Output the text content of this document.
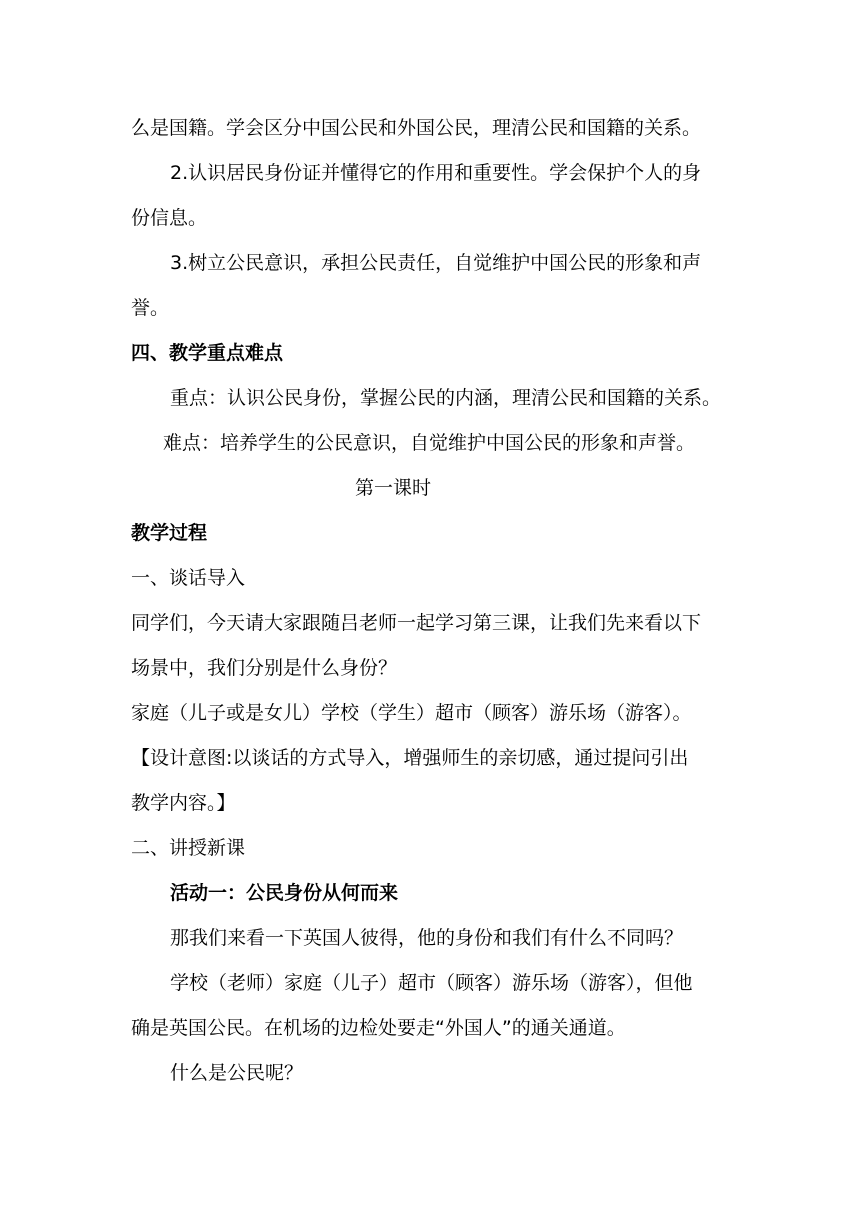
么是国籍。学会区分中国公民和外国公民，理清公民和国籍的关系。
2.认识居民身份证并懂得它的作用和重要性。学会保护个人的身
份信息。
3.树立公民意识，承担公民责任，自觉维护中国公民的形象和声
誉。
四、教学重点难点
重点：认识公民身份，掌握公民的内涵，理清公民和国籍的关系。
难点：培养学生的公民意识，自觉维护中国公民的形象和声誉。
第一课时
教学过程
一、谈话导入
同学们，今天请大家跟随吕老师一起学习第三课，让我们先来看以下
场景中，我们分别是什么身份？
家庭（儿子或是女儿）学校（学生）超市（顾客）游乐场（游客）。
【设计意图:以谈话的方式导入，增强师生的亲切感，通过提问引出
教学内容。】
二、讲授新课
活动一：公民身份从何而来
那我们来看一下英国人彼得，他的身份和我们有什么不同吗？
学校（老师）家庭（儿子）超市（顾客）游乐场（游客），但他
确是英国公民。在机场的边检处要走“外国人”的通关通道。
什么是公民呢？
